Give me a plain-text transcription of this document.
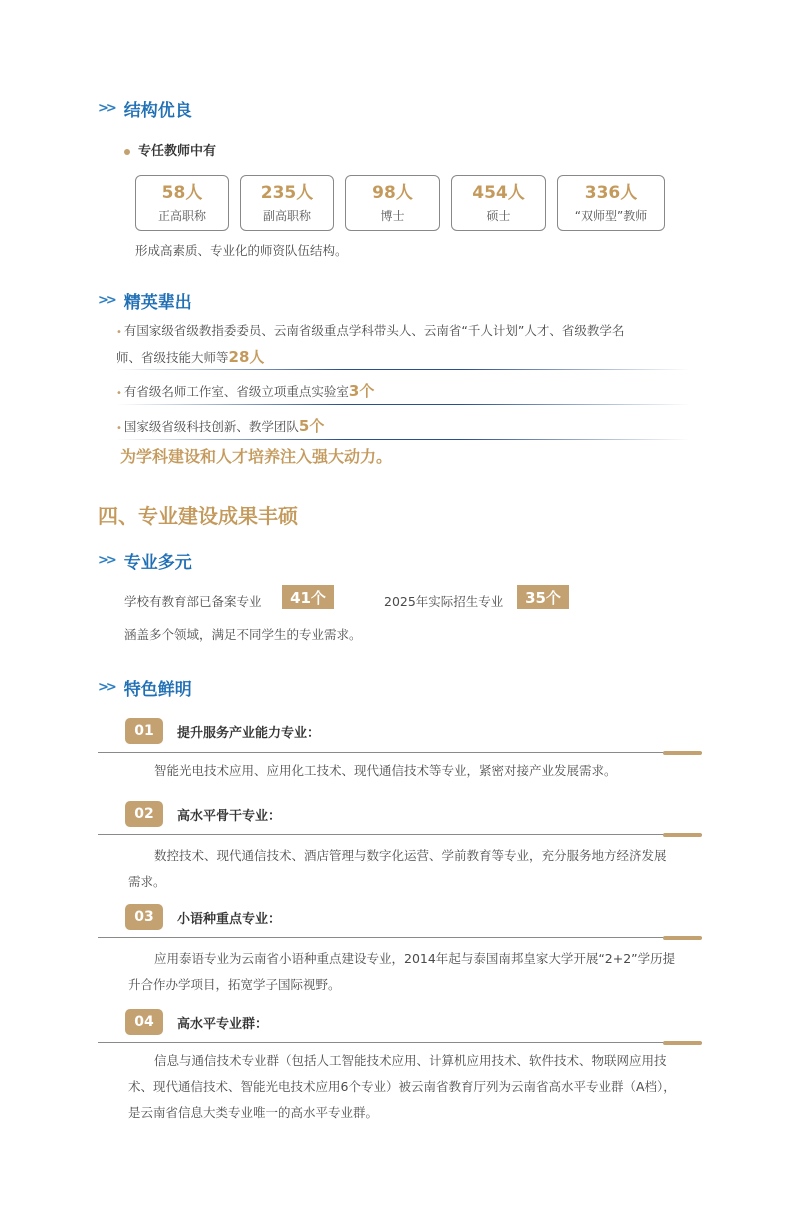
>> 结构优良
专任教师中有
58人
正高职称
235人
副高职称
98人
博士
454人
硕士
336人
“双师型”教师
形成高素质、专业化的师资队伍结构。
>> 精英辈出
• 有国家级省级教指委委员、云南省级重点学科带头人、云南省“千人计划”人才、省级教学名
师、省级技能大师等28人
• 有省级名师工作室、省级立项重点实验室3个
• 国家级省级科技创新、教学团队5个
为学科建设和人才培养注入强大动力。
四、专业建设成果丰硕
>> 专业多元
学校有教育部已备案专业	41个	2025年实际招生专业	35个
涵盖多个领域，满足不同学生的专业需求。
>> 特色鲜明
01	提升服务产业能力专业：
智能光电技术应用、应用化工技术、现代通信技术等专业，紧密对接产业发展需求。
02	高水平骨干专业：
数控技术、现代通信技术、酒店管理与数字化运营、学前教育等专业，充分服务地方经济发展需求。
03	小语种重点专业：
应用泰语专业为云南省小语种重点建设专业，2014年起与泰国南邦皇家大学开展“2+2”学历提升合作办学项目，拓宽学子国际视野。
04	高水平专业群：
信息与通信技术专业群（包括人工智能技术应用、计算机应用技术、软件技术、物联网应用技术、现代通信技术、智能光电技术应用6个专业）被云南省教育厅列为云南省高水平专业群（A档），是云南省信息大类专业唯一的高水平专业群。
